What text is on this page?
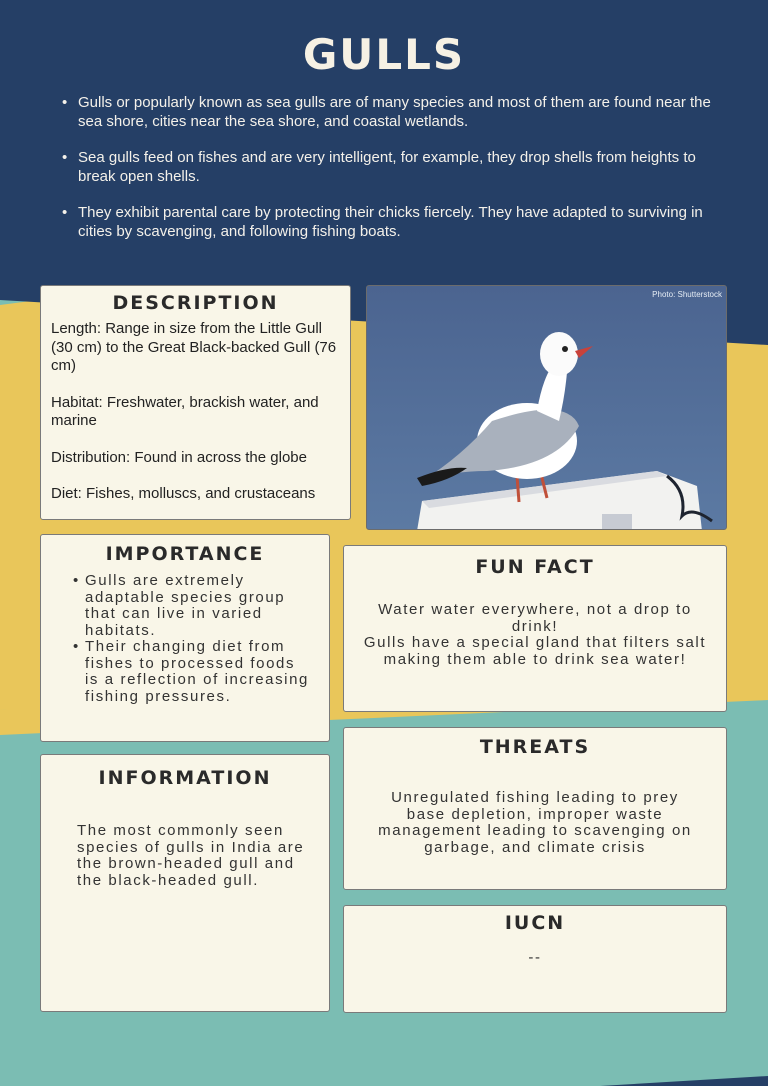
GULLS
• Gulls or popularly known as sea gulls are of many species and most of them are found near the sea shore, cities near the sea shore, and coastal wetlands.
• Sea gulls feed on fishes and are very intelligent, for example, they drop shells from heights to break open shells.
• They exhibit parental care by protecting their chicks fiercely. They have adapted to surviving in cities by scavenging, and following fishing boats.
DESCRIPTION

Length: Range in size from the Little Gull (30 cm) to the Great Black-backed Gull (76 cm)

Habitat: Freshwater, brackish water, and marine

Distribution: Found in across the globe

Diet: Fishes, molluscs, and crustaceans

Photo: Shutterstock
IMPORTANCE
• Gulls are extremely adaptable species group that can live in varied habitats.
• Their changing diet from fishes to processed foods is a reflection of increasing fishing pressures.
FUN FACT
Water water everywhere, not a drop to drink!
Gulls have a special gland that filters salt making them able to drink sea water!
INFORMATION
The most commonly seen species of gulls in India are the brown-headed gull and the black-headed gull.
THREATS
Unregulated fishing leading to prey base depletion, improper waste management leading to scavenging on garbage, and climate crisis
IUCN
--
